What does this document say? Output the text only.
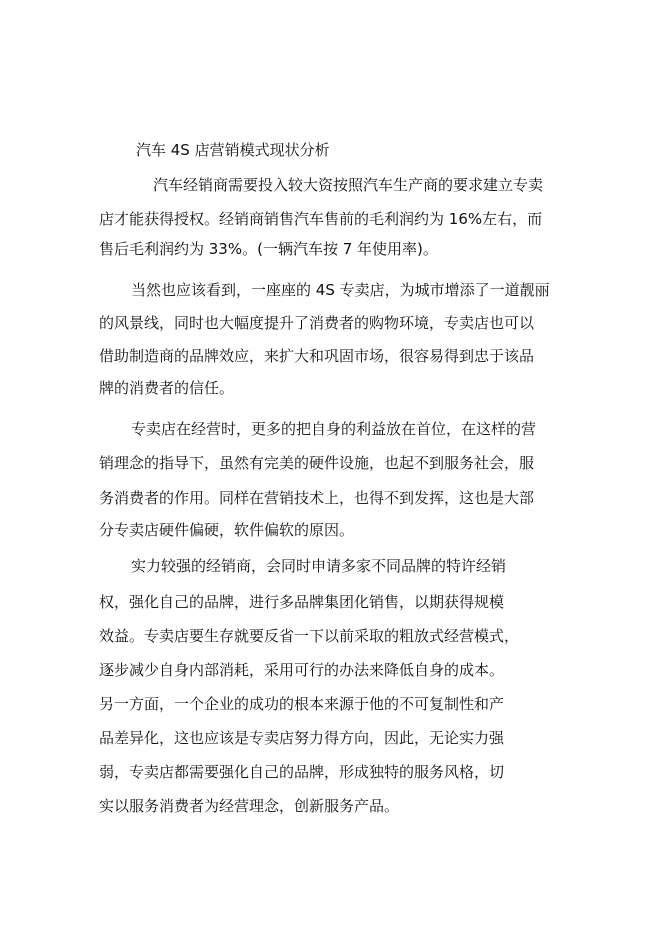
汽车 4S 店营销模式现状分析

汽车经销商需要投入较大资按照汽车生产商的要求建立专卖

店才能获得授权。经销商销售汽车售前的毛利润约为 16%左右，而

售后毛利润约为 33%。(一辆汽车按 7 年使用率)。

当然也应该看到，一座座的 4S 专卖店，为城市增添了一道靓丽

的风景线，同时也大幅度提升了消费者的购物环境，专卖店也可以

借助制造商的品牌效应，来扩大和巩固市场，很容易得到忠于该品

牌的消费者的信任。

专卖店在经营时，更多的把自身的利益放在首位，在这样的营

销理念的指导下，虽然有完美的硬件设施，也起不到服务社会，服

务消费者的作用。同样在营销技术上，也得不到发挥，这也是大部

分专卖店硬件偏硬，软件偏软的原因。

实力较强的经销商，会同时申请多家不同品牌的特许经销

权，强化自己的品牌，进行多品牌集团化销售，以期获得规模

效益。专卖店要生存就要反省一下以前采取的粗放式经营模式，

逐步减少自身内部消耗，采用可行的办法来降低自身的成本。

另一方面，一个企业的成功的根本来源于他的不可复制性和产

品差异化，这也应该是专卖店努力得方向，因此，无论实力强

弱，专卖店都需要强化自己的品牌，形成独特的服务风格，切

实以服务消费者为经营理念，创新服务产品。
